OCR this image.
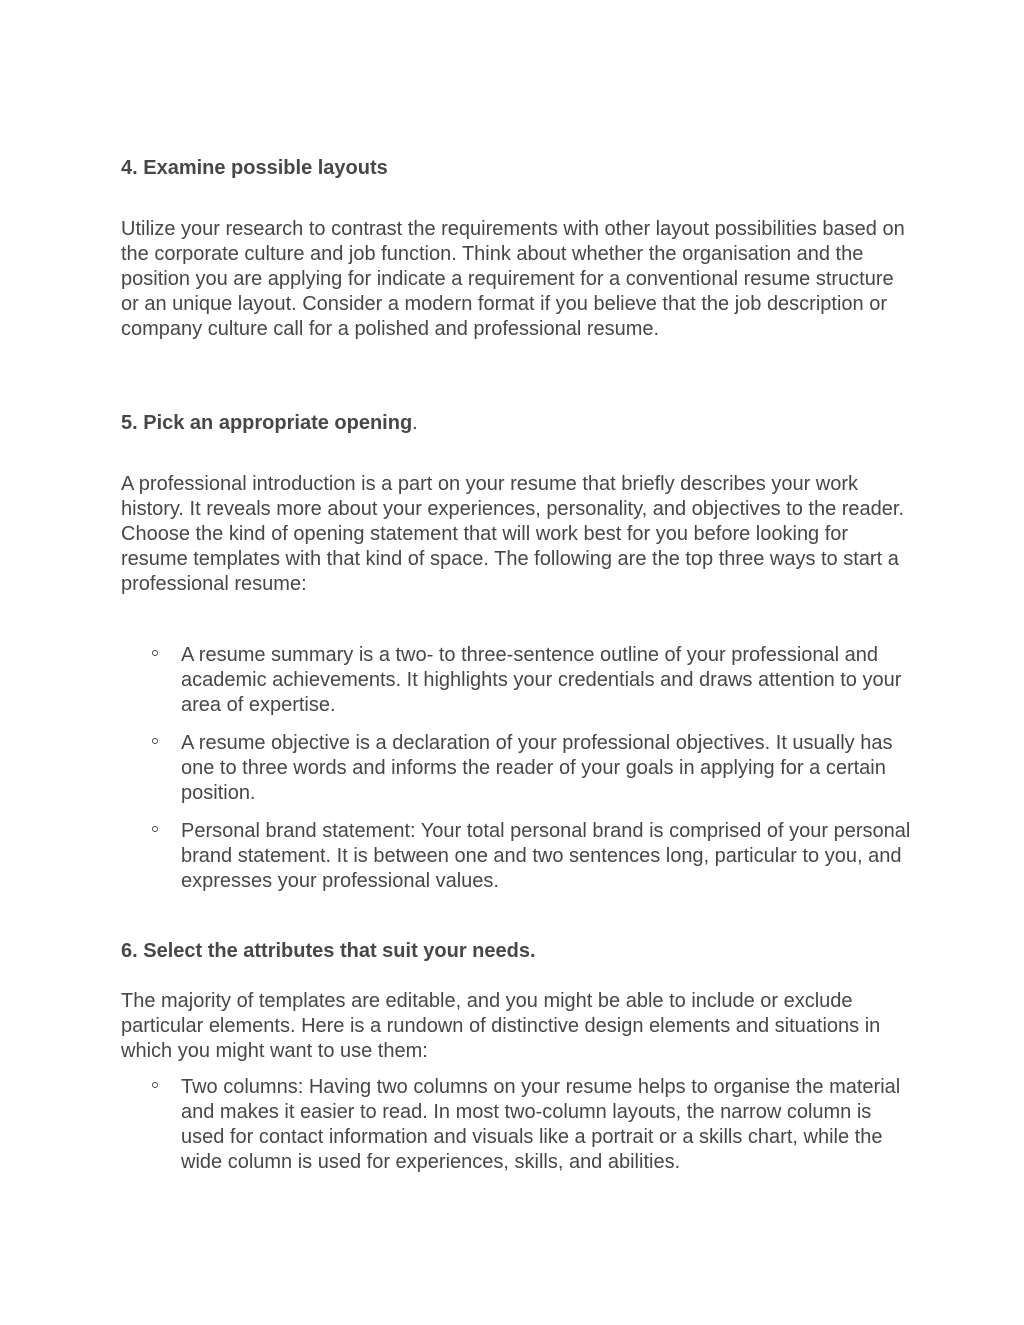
4. Examine possible layouts

Utilize your research to contrast the requirements with other layout possibilities based on the corporate culture and job function. Think about whether the organisation and the position you are applying for indicate a requirement for a conventional resume structure or an unique layout. Consider a modern format if you believe that the job description or company culture call for a polished and professional resume.

5. Pick an appropriate opening.

A professional introduction is a part on your resume that briefly describes your work history. It reveals more about your experiences, personality, and objectives to the reader. Choose the kind of opening statement that will work best for you before looking for resume templates with that kind of space. The following are the top three ways to start a professional resume:

A resume summary is a two- to three-sentence outline of your professional and academic achievements. It highlights your credentials and draws attention to your area of expertise.
A resume objective is a declaration of your professional objectives. It usually has one to three words and informs the reader of your goals in applying for a certain position.
Personal brand statement: Your total personal brand is comprised of your personal brand statement. It is between one and two sentences long, particular to you, and expresses your professional values.
6. Select the attributes that suit your needs.

The majority of templates are editable, and you might be able to include or exclude particular elements. Here is a rundown of distinctive design elements and situations in which you might want to use them:

Two columns: Having two columns on your resume helps to organise the material and makes it easier to read. In most two-column layouts, the narrow column is used for contact information and visuals like a portrait or a skills chart, while the wide column is used for experiences, skills, and abilities.
